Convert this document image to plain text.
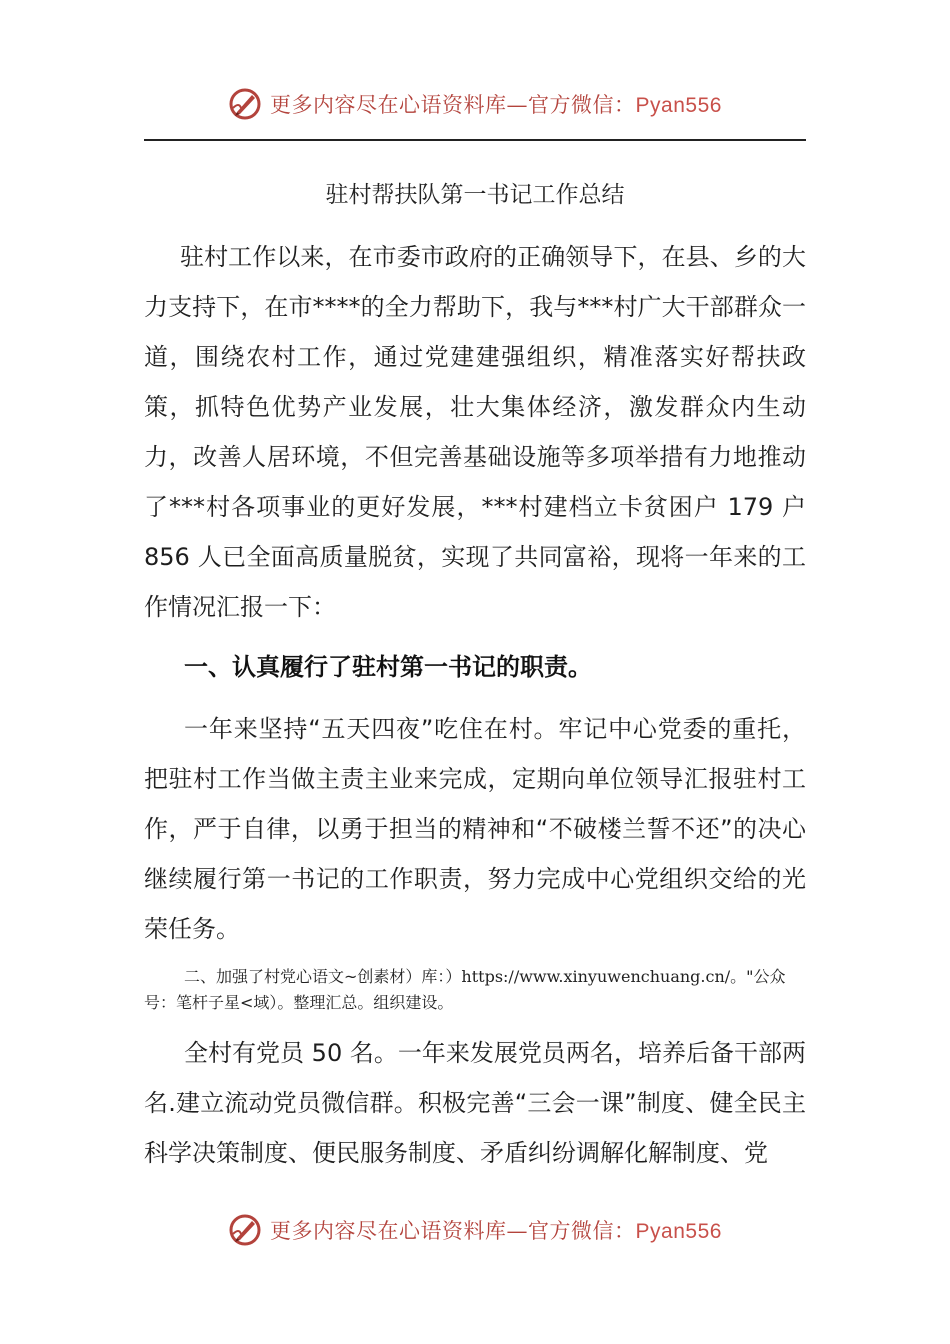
更多内容尽在心语资料库—官方微信：Pyan556
驻村帮扶队第一书记工作总结
驻村工作以来，在市委市政府的正确领导下，在县、乡的大力支持下，在市****的全力帮助下，我与***村广大干部群众一道，围绕农村工作，通过党建建强组织，精准落实好帮扶政策，抓特色优势产业发展，壮大集体经济，激发群众内生动力，改善人居环境，不但完善基础设施等多项举措有力地推动了***村各项事业的更好发展，***村建档立卡贫困户 179 户 856 人已全面高质量脱贫，实现了共同富裕，现将一年来的工作情况汇报一下：
一、认真履行了驻村第一书记的职责。
一年来坚持“五天四夜”吃住在村。牢记中心党委的重托，把驻村工作当做主责主业来完成，定期向单位领导汇报驻村工作，严于自律，以勇于担当的精神和“不破楼兰誓不还”的决心继续履行第一书记的工作职责，努力完成中心党组织交给的光荣任务。
二、加强了村党心语文~创素材）库：）https://www.xinyuwenchuang.cn/。"公众号：笔杆子星<域）。整理汇总。组织建设。
全村有党员 50 名。一年来发展党员两名，培养后备干部两名.建立流动党员微信群。积极完善“三会一课”制度、健全民主科学决策制度、便民服务制度、矛盾纠纷调解化解制度、党
更多内容尽在心语资料库—官方微信：Pyan556
